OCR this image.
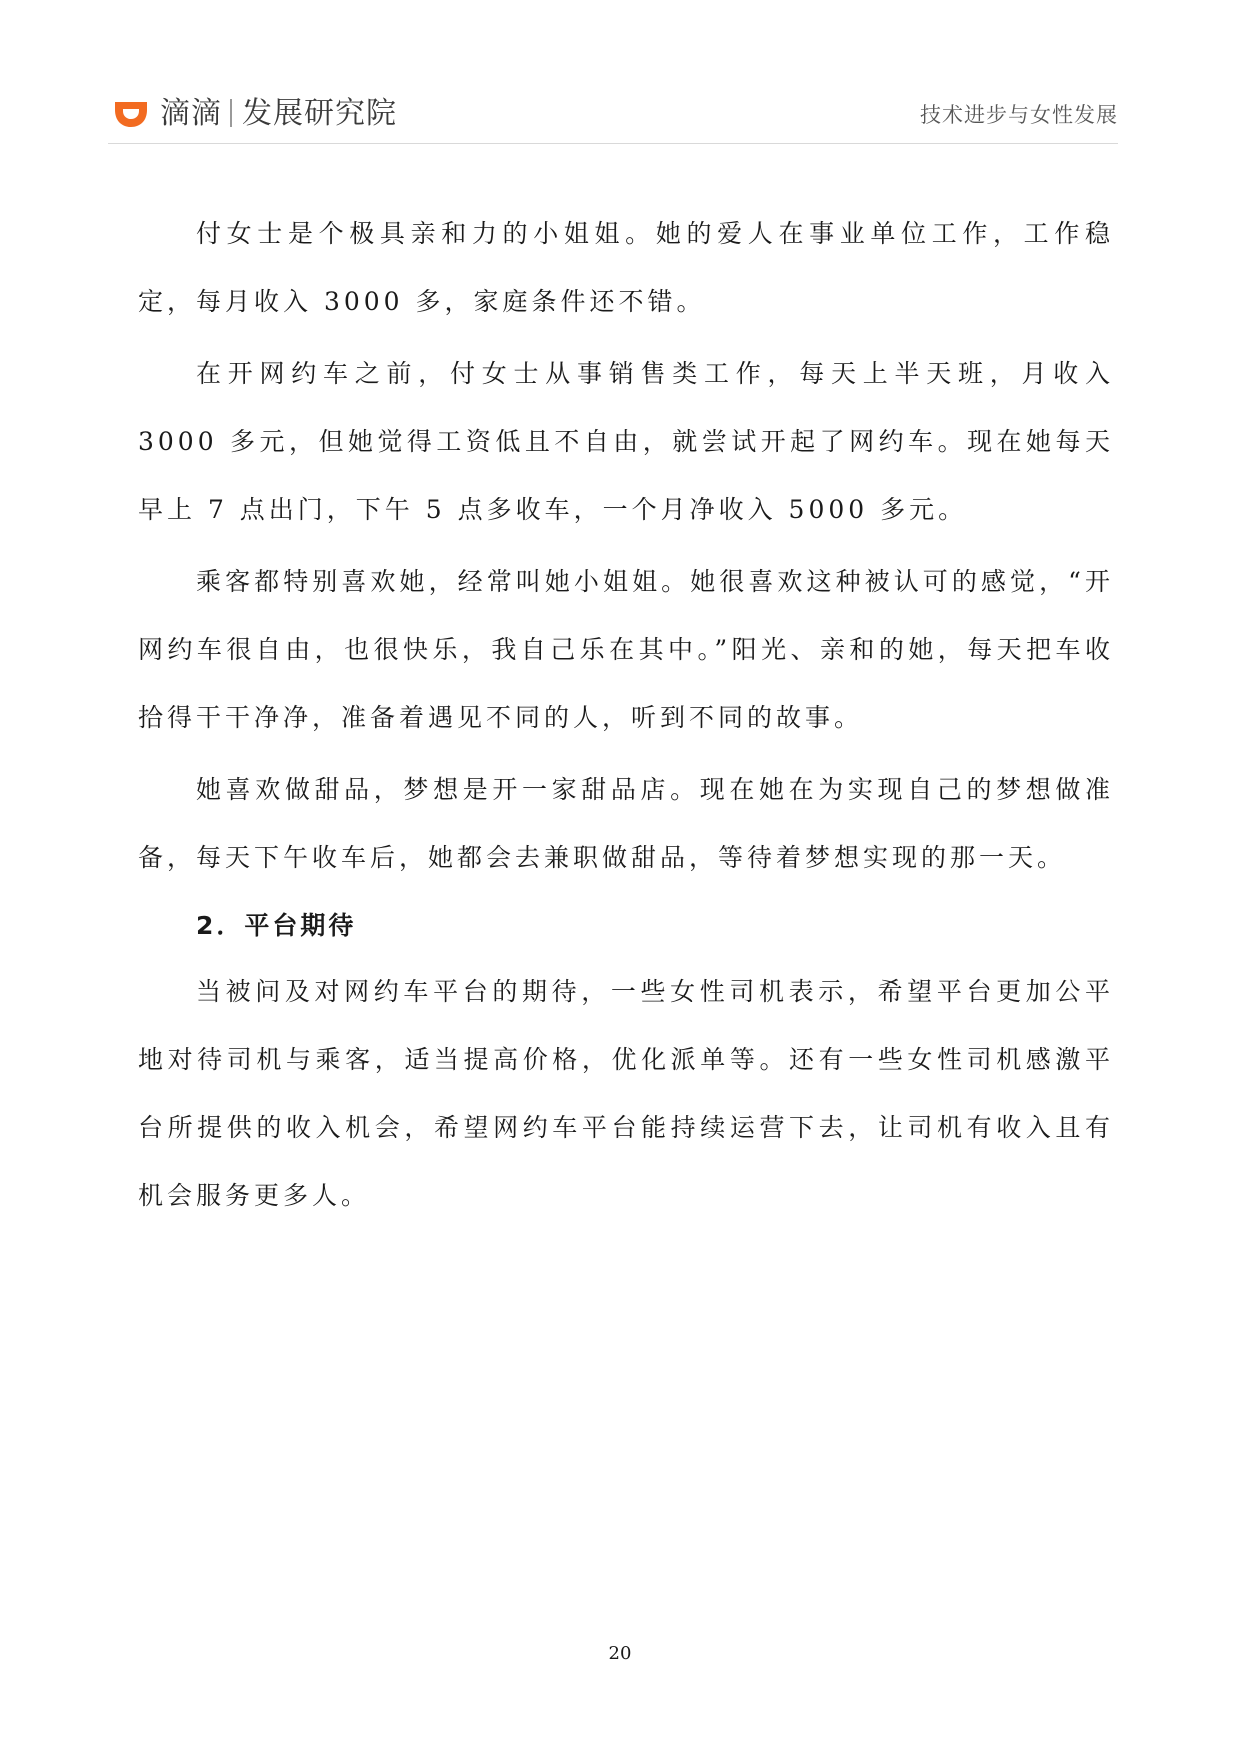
滴滴 发展研究院	技术进步与女性发展

付女士是个极具亲和力的小姐姐。她的爱人在事业单位工作，工作稳定，每月收入 3000 多，家庭条件还不错。

在开网约车之前，付女士从事销售类工作，每天上半天班，月收入 3000 多元，但她觉得工资低且不自由，就尝试开起了网约车。现在她每天早上 7 点出门，下午 5 点多收车，一个月净收入 5000 多元。

乘客都特别喜欢她，经常叫她小姐姐。她很喜欢这种被认可的感觉，“开网约车很自由，也很快乐，我自己乐在其中。”阳光、亲和的她，每天把车收拾得干干净净，准备着遇见不同的人，听到不同的故事。

她喜欢做甜品，梦想是开一家甜品店。现在她在为实现自己的梦想做准备，每天下午收车后，她都会去兼职做甜品，等待着梦想实现的那一天。

2．平台期待

当被问及对网约车平台的期待，一些女性司机表示，希望平台更加公平地对待司机与乘客，适当提高价格，优化派单等。还有一些女性司机感激平台所提供的收入机会，希望网约车平台能持续运营下去，让司机有收入且有机会服务更多人。

20
